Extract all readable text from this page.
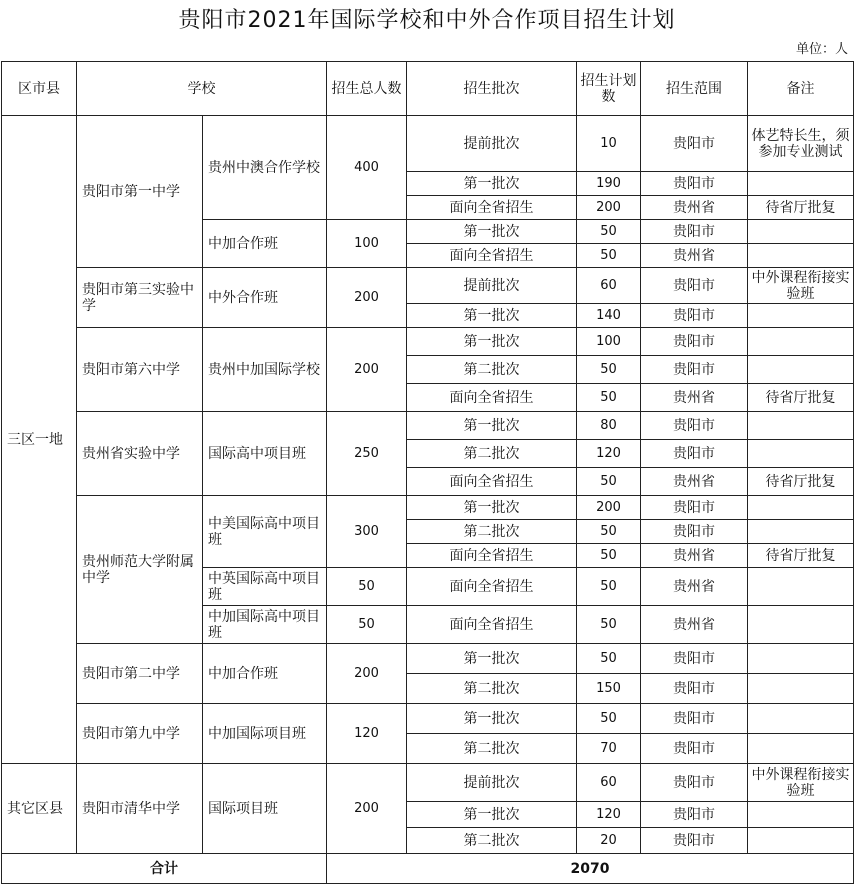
贵阳市2021年国际学校和中外合作项目招生计划
单位：人
区市县	学校		招生总人数	招生批次	招生计划数	招生范围	备注
三区一地	贵阳市第一中学	贵州中澳合作学校	400	提前批次	10	贵阳市	体艺特长生，须参加专业测试
				第一批次	190	贵阳市	
				面向全省招生	200	贵州省	待省厅批复
		中加合作班	100	第一批次	50	贵阳市	
				面向全省招生	50	贵州省	
	贵阳市第三实验中学	中外合作班	200	提前批次	60	贵阳市	中外课程衔接实验班
				第一批次	140	贵阳市	
	贵阳市第六中学	贵州中加国际学校	200	第一批次	100	贵阳市	
				第二批次	50	贵阳市	
				面向全省招生	50	贵州省	待省厅批复
	贵州省实验中学	国际高中项目班	250	第一批次	80	贵阳市	
				第二批次	120	贵阳市	
				面向全省招生	50	贵州省	待省厅批复
	贵州师范大学附属中学	中美国际高中项目班	300	第一批次	200	贵阳市	
				第二批次	50	贵阳市	
				面向全省招生	50	贵州省	待省厅批复
		中英国际高中项目班	50	面向全省招生	50	贵州省	
		中加国际高中项目班	50	面向全省招生	50	贵州省	
	贵阳市第二中学	中加合作班	200	第一批次	50	贵阳市	
				第二批次	150	贵阳市	
	贵阳市第九中学	中加国际项目班	120	第一批次	50	贵阳市	
				第二批次	70	贵阳市	
其它区县	贵阳市清华中学	国际项目班	200	提前批次	60	贵阳市	中外课程衔接实验班
				第一批次	120	贵阳市	
				第二批次	20	贵阳市	
合计			2070				
